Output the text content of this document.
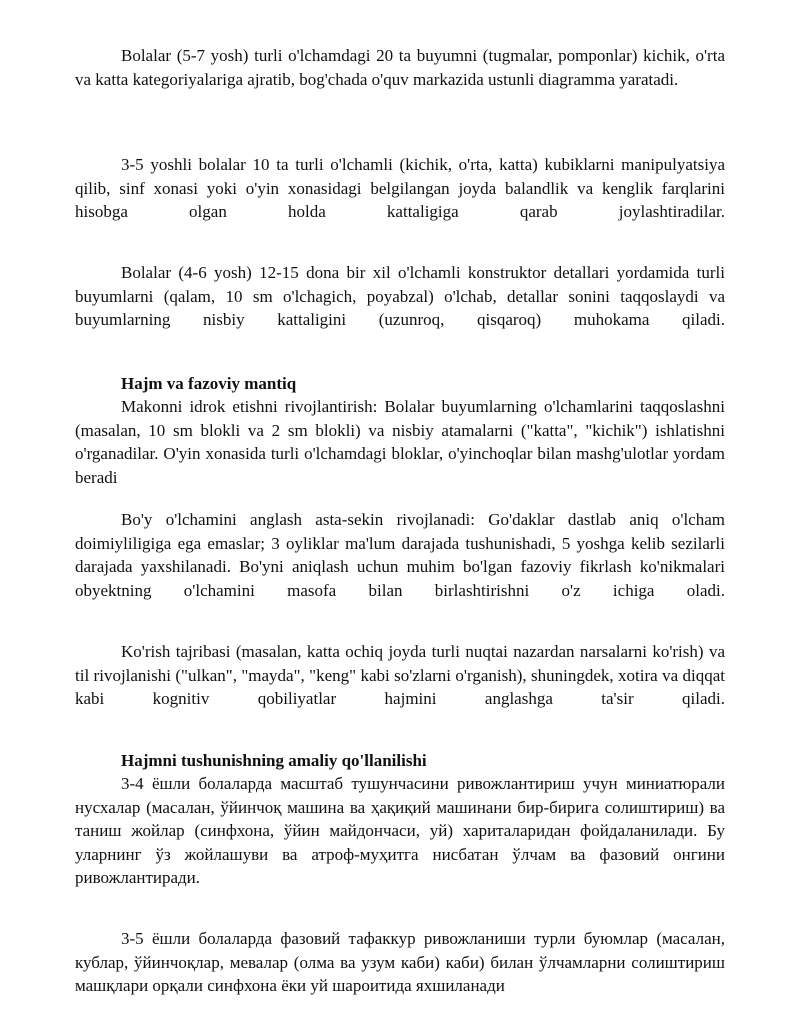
Bolalar (5-7 yosh) turli o'lchamdagi 20 ta buyumni (tugmalar, pomponlar) kichik, o'rta va katta kategoriyalariga ajratib, bog'chada o'quv markazida ustunli diagramma yaratadi.

3-5 yoshli bolalar 10 ta turli o'lchamli (kichik, o'rta, katta) kubiklarni manipulyatsiya qilib, sinf xonasi yoki o'yin xonasidagi belgilangan joyda balandlik va kenglik farqlarini hisobga olgan holda kattaligiga qarab joylashtiradilar.

Bolalar (4-6 yosh) 12-15 dona bir xil o'lchamli konstruktor detallari yordamida turli buyumlarni (qalam, 10 sm o'lchagich, poyabzal) o'lchab, detallar sonini taqqoslaydi va buyumlarning nisbiy kattaligini (uzunroq, qisqaroq) muhokama qiladi.

Hajm va fazoviy mantiq

Makonni idrok etishni rivojlantirish: Bolalar buyumlarning o'lchamlarini taqqoslashni (masalan, 10 sm blokli va 2 sm blokli) va nisbiy atamalarni ("katta", "kichik") ishlatishni o'rganadilar. O'yin xonasida turli o'lchamdagi bloklar, o'yinchoqlar bilan mashg'ulotlar yordam beradi

Bo'y o'lchamini anglash asta-sekin rivojlanadi: Go'daklar dastlab aniq o'lcham doimiyliligiga ega emaslar; 3 oyliklar ma'lum darajada tushunishadi, 5 yoshga kelib sezilarli darajada yaxshilanadi. Bo'yni aniqlash uchun muhim bo'lgan fazoviy fikrlash ko'nikmalari obyektning o'lchamini masofa bilan birlashtirishni o'z ichiga oladi.

Ko'rish tajribasi (masalan, katta ochiq joyda turli nuqtai nazardan narsalarni ko'rish) va til rivojlanishi ("ulkan", "mayda", "keng" kabi so'zlarni o'rganish), shuningdek, xotira va diqqat kabi kognitiv qobiliyatlar hajmini anglashga ta'sir qiladi.

Hajmni tushunishning amaliy qo'llanilishi

3-4 ёшли болаларда масштаб тушунчасини ривожлантириш учун миниатюрали нусхалар (масалан, ўйинчоқ машина ва ҳақиқий машинани бир-бирига солиштириш) ва таниш жойлар (синфхона, ўйин майдончаси, уй) хариталаридан фойдаланилади. Бу уларнинг ўз жойлашуви ва атроф-муҳитга нисбатан ўлчам ва фазовий онгини ривожлантиради.

3-5 ёшли болаларда фазовий тафаккур ривожланиши турли буюмлар (масалан, кублар, ўйинчоқлар, мевалар (олма ва узум каби) каби) билан ўлчамларни солиштириш машқлари орқали синфхона ёки уй шароитида яхшиланади
